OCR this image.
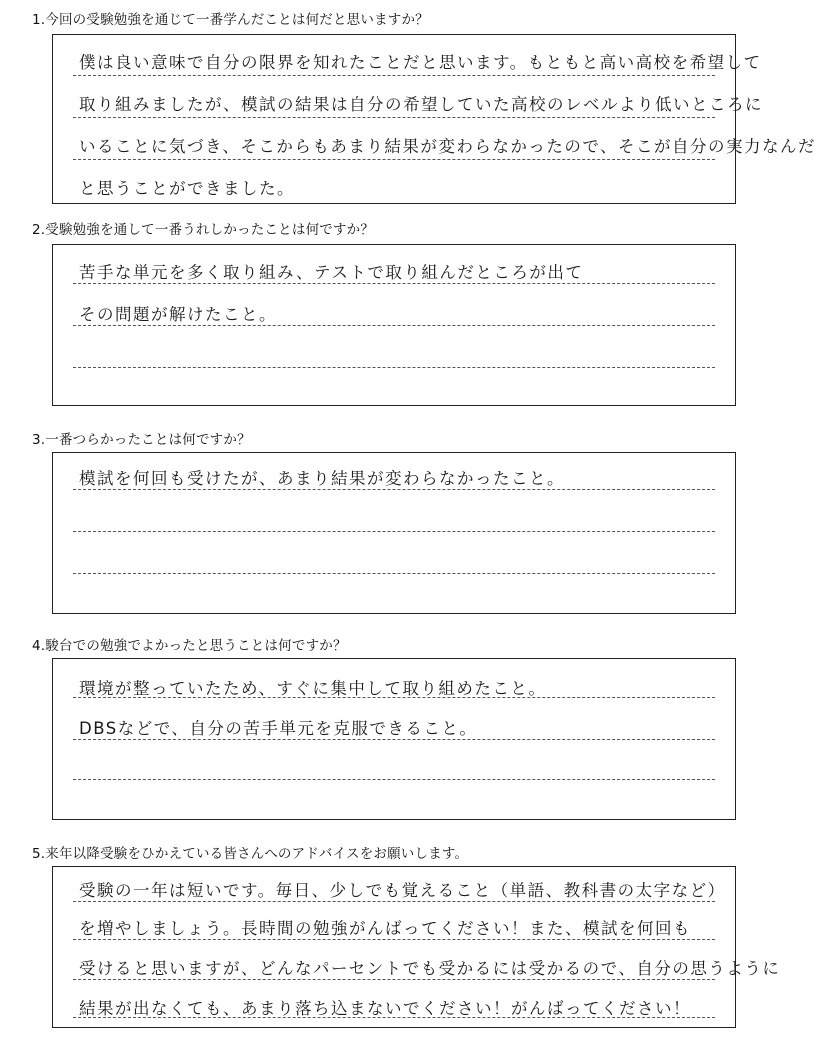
1.今回の受験勉強を通じて一番学んだことは何だと思いますか？
僕は良い意味で自分の限界を知れたことだと思います。もともと高い高校を希望して
取り組みましたが、模試の結果は自分の希望していた高校のレベルより低いところに
いることに気づき、そこからもあまり結果が変わらなかったので、そこが自分の実力なんだ
と思うことができました。
2.受験勉強を通して一番うれしかったことは何ですか？
苦手な単元を多く取り組み、テストで取り組んだところが出て
その問題が解けたこと。
3.一番つらかったことは何ですか？
模試を何回も受けたが、あまり結果が変わらなかったこと。
4.駿台での勉強でよかったと思うことは何ですか？
環境が整っていたため、すぐに集中して取り組めたこと。
DBSなどで、自分の苦手単元を克服できること。
5.来年以降受験をひかえている皆さんへのアドバイスをお願いします。
受験の一年は短いです。毎日、少しでも覚えること（単語、教科書の太字など）
を増やしましょう。長時間の勉強がんばってください！また、模試を何回も
受けると思いますが、どんなパーセントでも受かるには受かるので、自分の思うように
結果が出なくても、あまり落ち込まないでください！がんばってください！
